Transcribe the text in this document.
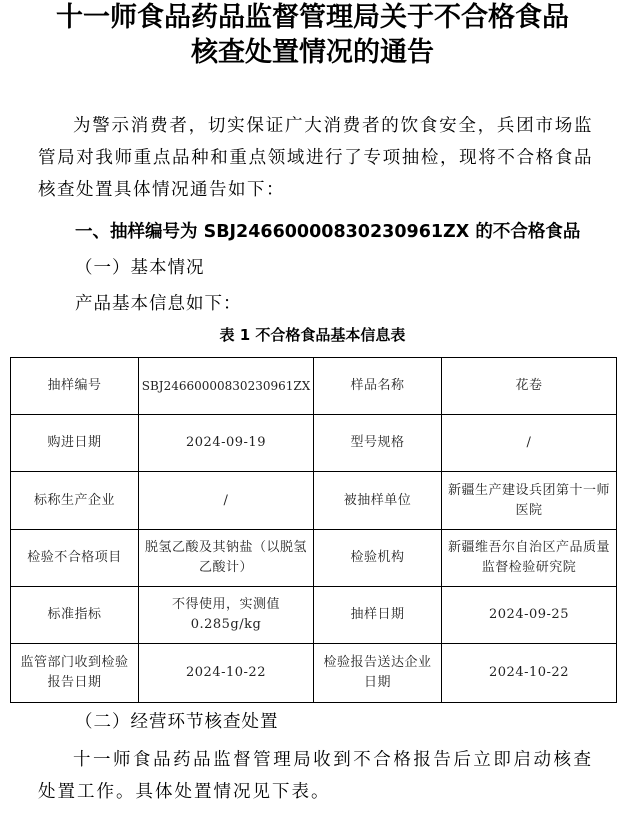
十一师食品药品监督管理局关于不合格食品
核查处置情况的通告
为警示消费者，切实保证广大消费者的饮食安全，兵团市场监管局对我师重点品种和重点领域进行了专项抽检，现将不合格食品核查处置具体情况通告如下：
一、抽样编号为 SBJ24660000830230961ZX 的不合格食品
（一）基本情况
产品基本信息如下：
表 1 不合格食品基本信息表
抽样编号	SBJ24660000830230961ZX	样品名称	花卷
购进日期	2024-09-19	型号规格	/
标称生产企业	/	被抽样单位	新疆生产建设兵团第十一师医院
检验不合格项目	脱氢乙酸及其钠盐（以脱氢乙酸计）	检验机构	新疆维吾尔自治区产品质量监督检验研究院
标准指标	不得使用，实测值0.285g/kg	抽样日期	2024-09-25
监管部门收到检验报告日期	2024-10-22	检验报告送达企业日期	2024-10-22
（二）经营环节核查处置
十一师食品药品监督管理局收到不合格报告后立即启动核查处置工作。具体处置情况见下表。
